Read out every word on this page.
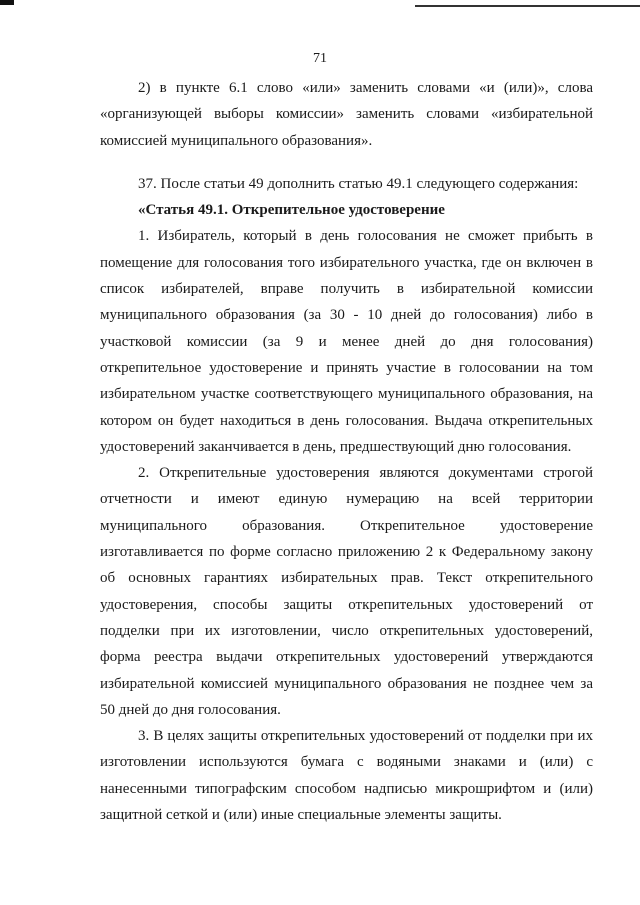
71

2) в пункте 6.1 слово «или» заменить словами «и (или)», слова «организующей выборы комиссии» заменить словами «избирательной комиссией муниципального образования».

37. После статьи 49 дополнить статью 49.1 следующего содержания:

«Статья 49.1. Открепительное удостоверение

1. Избиратель, который в день голосования не сможет прибыть в помещение для голосования того избирательного участка, где он включен в список избирателей, вправе получить в избирательной комиссии муниципального образования (за 30 - 10 дней до голосования) либо в участковой комиссии (за 9 и менее дней до дня голосования) открепительное удостоверение и принять участие в голосовании на том избирательном участке соответствующего муниципального образования, на котором он будет находиться в день голосования. Выдача открепительных удостоверений заканчивается в день, предшествующий дню голосования.

2. Открепительные удостоверения являются документами строгой отчетности и имеют единую нумерацию на всей территории муниципального образования. Открепительное удостоверение изготавливается по форме согласно приложению 2 к Федеральному закону об основных гарантиях избирательных прав. Текст открепительного удостоверения, способы защиты открепительных удостоверений от подделки при их изготовлении, число открепительных удостоверений, форма реестра выдачи открепительных удостоверений утверждаются избирательной комиссией муниципального образования не позднее чем за 50 дней до дня голосования.

3. В целях защиты открепительных удостоверений от подделки при их изготовлении используются бумага с водяными знаками и (или) с нанесенными типографским способом надписью микрошрифтом и (или) защитной сеткой и (или) иные специальные элементы защиты.
